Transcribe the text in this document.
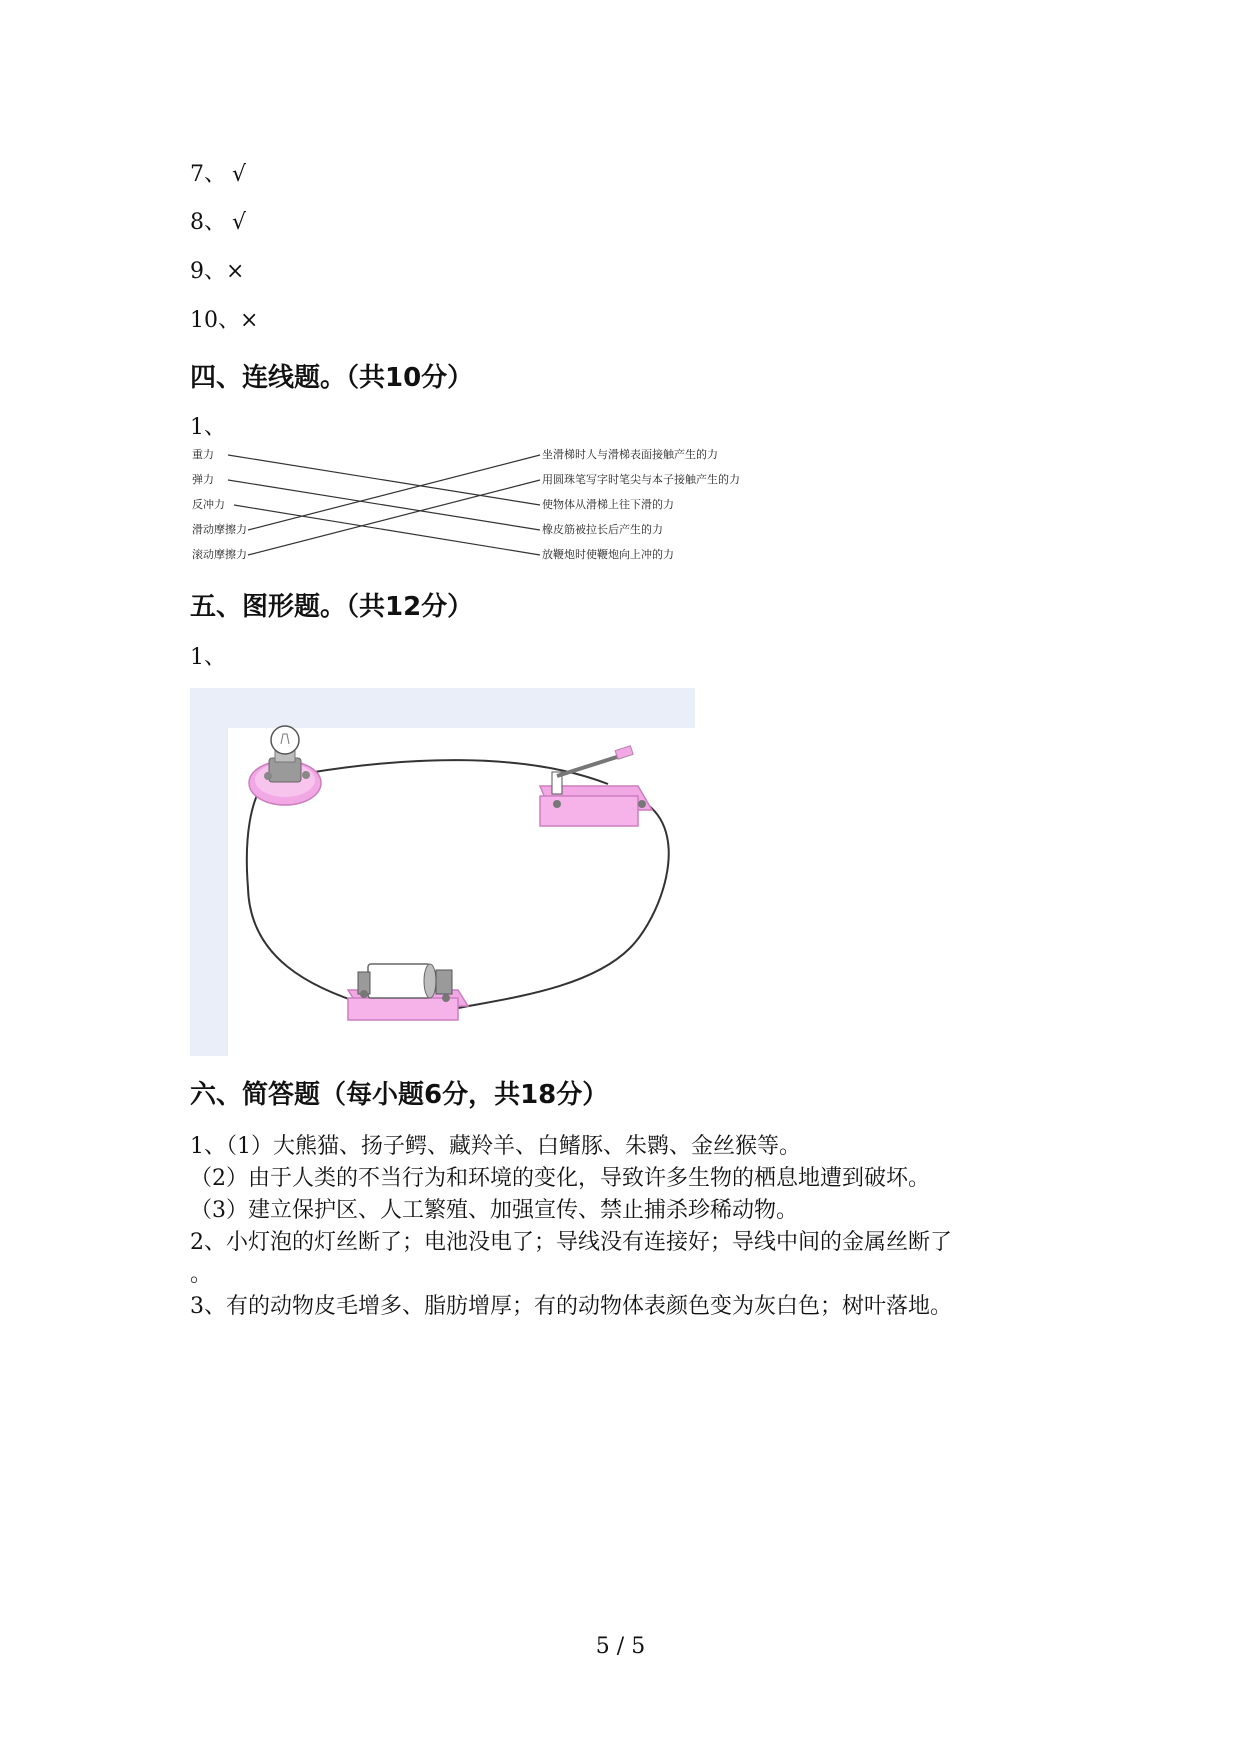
7、 √
8、 √
9、×
10、×
四、连线题。（共10分）
1、
重力
弹力
反冲力
滑动摩擦力
滚动摩擦力
坐滑梯时人与滑梯表面接触产生的力
用圆珠笔写字时笔尖与本子接触产生的力
使物体从滑梯上往下滑的力
橡皮筋被拉长后产生的力
放鞭炮时使鞭炮向上冲的力
五、图形题。（共12分）
1、
六、简答题（每小题6分，共18分）
1、（1）大熊猫、扬子鳄、藏羚羊、白鳍豚、朱鹮、金丝猴等。
（2）由于人类的不当行为和环境的变化，导致许多生物的栖息地遭到破坏。
（3）建立保护区、人工繁殖、加强宣传、禁止捕杀珍稀动物。
2、小灯泡的灯丝断了；电池没电了；导线没有连接好；导线中间的金属丝断了
。
3、有的动物皮毛增多、脂肪增厚；有的动物体表颜色变为灰白色；树叶落地。
5 / 5
